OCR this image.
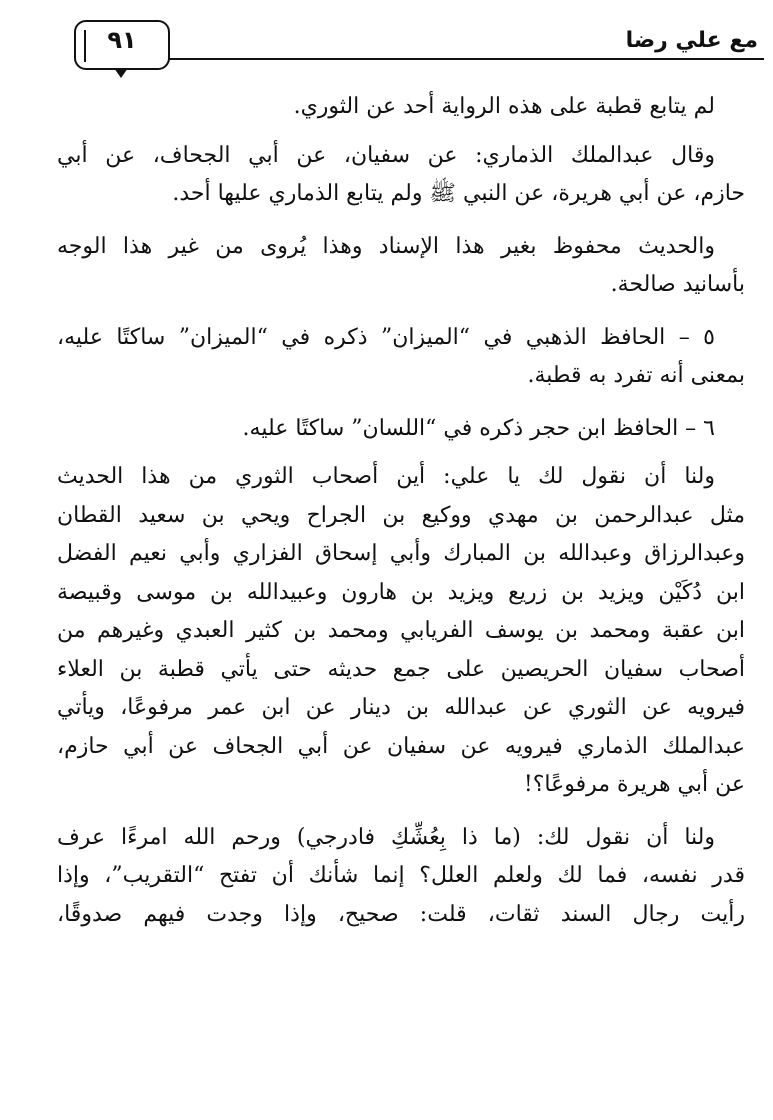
مع علي رضا
٩١
لم يتابع قطبة على هذه الرواية أحد عن الثوري.
وقال عبدالملك الذماري: عن سفيان، عن أبي الجحاف، عن أبي
حازم، عن أبي هريرة، عن النبي ﷺ ولم يتابع الذماري عليها أحد.
والحديث محفوظ بغير هذا الإسناد وهذا يُروى من غير هذا الوجه
بأسانيد صالحة.
٥ – الحافظ الذهبي في “الميزان” ذكره في “الميزان” ساكتًا عليه،
بمعنى أنه تفرد به قطبة.
٦ – الحافظ ابن حجر ذكره في “اللسان” ساكتًا عليه.
ولنا أن نقول لك يا علي: أين أصحاب الثوري من هذا الحديث
مثل عبدالرحمن بن مهدي ووكيع بن الجراح ويحي بن سعيد القطان
وعبدالرزاق وعبدالله بن المبارك وأبي إسحاق الفزاري وأبي نعيم الفضل
ابن دُكَيْن ويزيد بن زريع ويزيد بن هارون وعبيدالله بن موسى وقبيصة
ابن عقبة ومحمد بن يوسف الفريابي ومحمد بن كثير العبدي وغيرهم من
أصحاب سفيان الحريصين على جمع حديثه حتى يأتي قطبة بن العلاء
فيرويه عن الثوري عن عبدالله بن دينار عن ابن عمر مرفوعًا، ويأتي
عبدالملك الذماري فيرويه عن سفيان عن أبي الجحاف عن أبي حازم،
عن أبي هريرة مرفوعًا؟!
ولنا أن نقول لك: (ما ذا بِعُشِّكِ فادرجي) ورحم الله امرءًا عرف
قدر نفسه، فما لك ولعلم العلل؟ إنما شأنك أن تفتح “التقريب”، وإذا
رأيت رجال السند ثقات، قلت: صحيح، وإذا وجدت فيهم صدوقًا،
